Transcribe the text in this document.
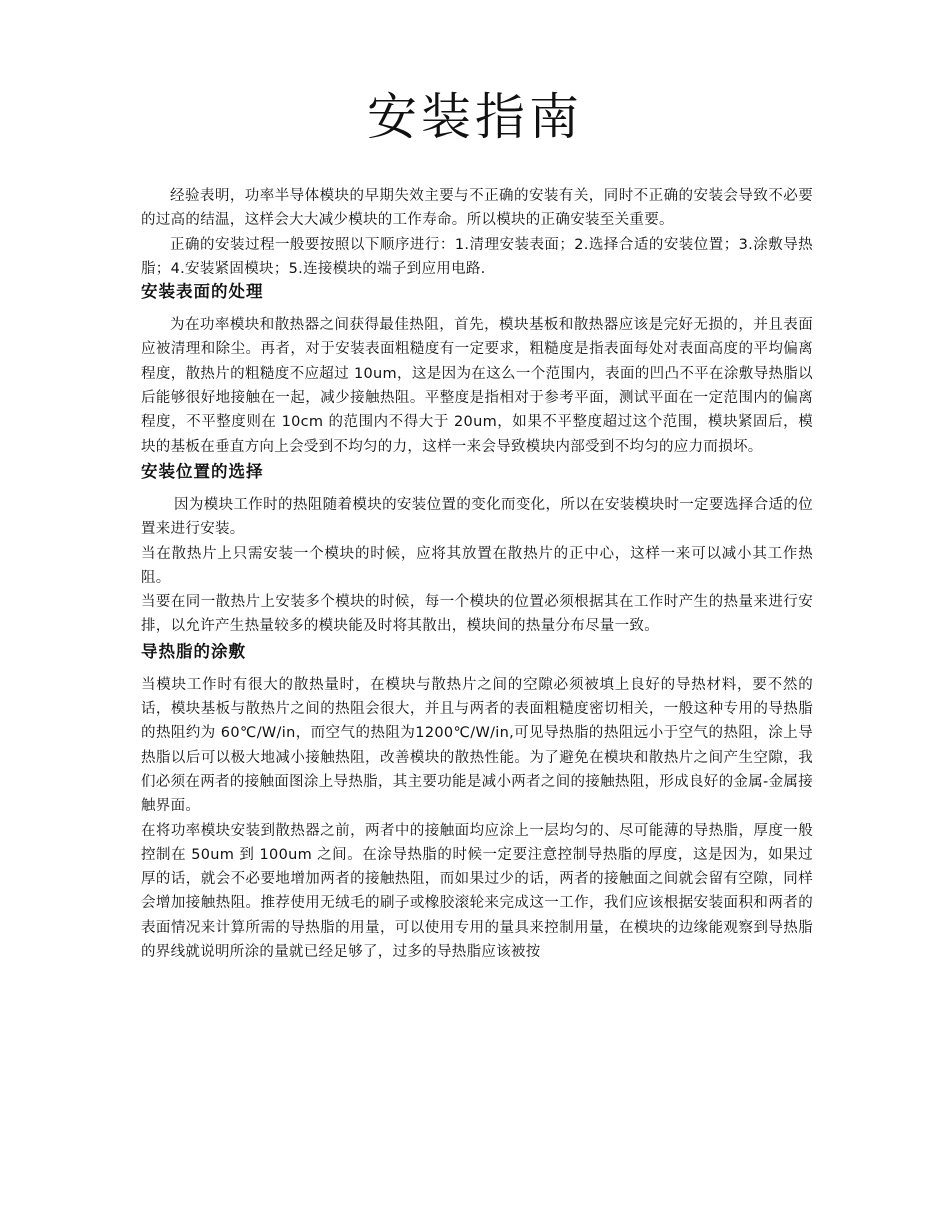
安装指南

经验表明，功率半导体模块的早期失效主要与不正确的安装有关，同时不正确的安装会导致不必要的过高的结温，这样会大大减少模块的工作寿命。所以模块的正确安装至关重要。

正确的安装过程一般要按照以下顺序进行：1.清理安装表面；2.选择合适的安装位置；3.涂敷导热脂；4.安装紧固模块；5.连接模块的端子到应用电路.

安装表面的处理

为在功率模块和散热器之间获得最佳热阻，首先，模块基板和散热器应该是完好无损的，并且表面应被清理和除尘。再者，对于安装表面粗糙度有一定要求，粗糙度是指表面每处对表面高度的平均偏离程度，散热片的粗糙度不应超过 10um，这是因为在这么一个范围内，表面的凹凸不平在涂敷导热脂以后能够很好地接触在一起，减少接触热阻。平整度是指相对于参考平面，测试平面在一定范围内的偏离程度，不平整度则在 10cm 的范围内不得大于 20um，如果不平整度超过这个范围，模块紧固后，模块的基板在垂直方向上会受到不均匀的力，这样一来会导致模块内部受到不均匀的应力而损坏。

安装位置的选择

因为模块工作时的热阻随着模块的安装位置的变化而变化，所以在安装模块时一定要选择合适的位置来进行安装。

当在散热片上只需安装一个模块的时候，应将其放置在散热片的正中心，这样一来可以减小其工作热阻。

当要在同一散热片上安装多个模块的时候，每一个模块的位置必须根据其在工作时产生的热量来进行安排，以允许产生热量较多的模块能及时将其散出，模块间的热量分布尽量一致。

导热脂的涂敷

当模块工作时有很大的散热量时，在模块与散热片之间的空隙必须被填上良好的导热材料，要不然的话，模块基板与散热片之间的热阻会很大，并且与两者的表面粗糙度密切相关，一般这种专用的导热脂的热阻约为 60℃/W/in，而空气的热阻为1200℃/W/in,可见导热脂的热阻远小于空气的热阻，涂上导热脂以后可以极大地减小接触热阻，改善模块的散热性能。为了避免在模块和散热片之间产生空隙，我们必须在两者的接触面图涂上导热脂，其主要功能是减小两者之间的接触热阻，形成良好的金属-金属接触界面。

在将功率模块安装到散热器之前，两者中的接触面均应涂上一层均匀的、尽可能薄的导热脂，厚度一般控制在 50um 到 100um 之间。在涂导热脂的时候一定要注意控制导热脂的厚度，这是因为，如果过厚的话，就会不必要地增加两者的接触热阻，而如果过少的话，两者的接触面之间就会留有空隙，同样会增加接触热阻。推荐使用无绒毛的刷子或橡胶滚轮来完成这一工作，我们应该根据安装面积和两者的表面情况来计算所需的导热脂的用量，可以使用专用的量具来控制用量，在模块的边缘能观察到导热脂的界线就说明所涂的量就已经足够了，过多的导热脂应该被按
